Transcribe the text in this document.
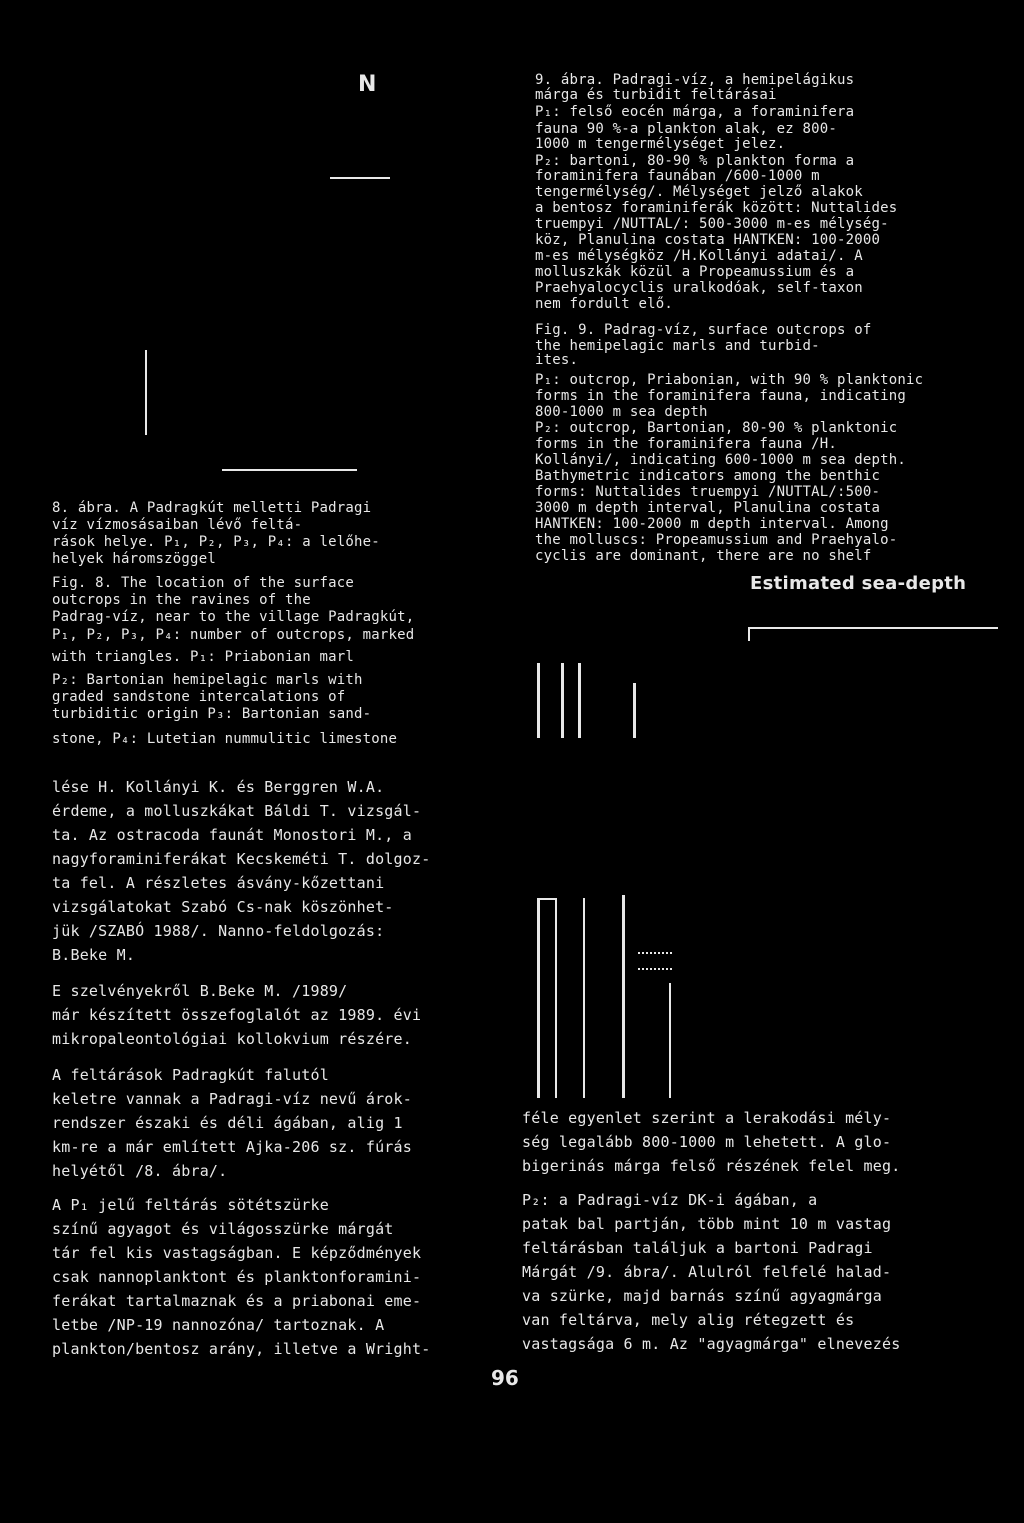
N
8. ábra. A Padragkút melletti Padragi
víz vízmosásaiban lévő feltá-
rások helye. P₁, P₂, P₃, P₄: a lelőhe-
helyek háromszöggel
Fig. 8. The location of the surface
outcrops in the ravines of the
Padrag-víz, near to the village Padragkút,
P₁, P₂, P₃, P₄: number of outcrops, marked
with triangles. P₁: Priabonian marl
P₂: Bartonian hemipelagic marls with
graded sandstone intercalations of
turbiditic origin P₃: Bartonian sand-
stone, P₄: Lutetian nummulitic limestone
9. ábra. Padragi-víz, a hemipelágikus
márga és turbidit feltárásai
P₁: felső eocén márga, a foraminifera
fauna 90 %-a plankton alak, ez 800-
1000 m tengermélységet jelez.
P₂: bartoni, 80-90 % plankton forma a
foraminifera faunában /600-1000 m
tengermélység/. Mélységet jelző alakok
a bentosz foraminiferák között: Nuttalides
truempyi /NUTTAL/: 500-3000 m-es mélység-
köz, Planulina costata HANTKEN: 100-2000
m-es mélységköz /H.Kollányi adatai/. A
molluszkák közül a Propeamussium és a
Praehyalocyclis uralkodóak, self-taxon
nem fordult elő.
Fig. 9. Padrag-víz, surface outcrops of
the hemipelagic marls and turbid-
ites.
P₁: outcrop, Priabonian, with 90 % planktonic
forms in the foraminifera fauna, indicating
800-1000 m sea depth
P₂: outcrop, Bartonian, 80-90 % planktonic
forms in the foraminifera fauna /H.
Kollányi/, indicating 600-1000 m sea depth.
Bathymetric indicators among the benthic
forms: Nuttalides truempyi /NUTTAL/:500-
3000 m depth interval, Planulina costata
HANTKEN: 100-2000 m depth interval. Among
the molluscs: Propeamussium and Praehyalo-
cyclis are dominant, there are no shelf
Estimated sea-depth
lése H. Kollányi K. és Berggren W.A.
érdeme, a molluszkákat Báldi T. vizsgál-
ta. Az ostracoda faunát Monostori M., a
nagyforaminiferákat Kecskeméti T. dolgoz-
ta fel. A részletes ásvány-kőzettani
vizsgálatokat Szabó Cs-nak köszönhet-
jük /SZABÓ 1988/. Nanno-feldolgozás:
B.Beke M.
E szelvényekről B.Beke M. /1989/
már készített összefoglalót az 1989. évi
mikropaleontológiai kollokvium részére.
A feltárások Padragkút falutól
keletre vannak a Padragi-víz nevű árok-
rendszer északi és déli ágában, alig 1
km-re a már említett Ajka-206 sz. fúrás
helyétől /8. ábra/.
A P₁ jelű feltárás sötétszürke
színű agyagot és világosszürke márgát
tár fel kis vastagságban. E képződmények
csak nannoplanktont és planktonforamini-
ferákat tartalmaznak és a priabonai eme-
letbe /NP-19 nannozóna/ tartoznak. A
plankton/bentosz arány, illetve a Wright-
féle egyenlet szerint a lerakodási mély-
ség legalább 800-1000 m lehetett. A glo-
bigerinás márga felső részének felel meg.
P₂: a Padragi-víz DK-i ágában, a
patak bal partján, több mint 10 m vastag
feltárásban találjuk a bartoni Padragi
Márgát /9. ábra/. Alulról felfelé halad-
va szürke, majd barnás színű agyagmárga
van feltárva, mely alig rétegzett és
vastagsága 6 m. Az "agyagmárga" elnevezés
96
